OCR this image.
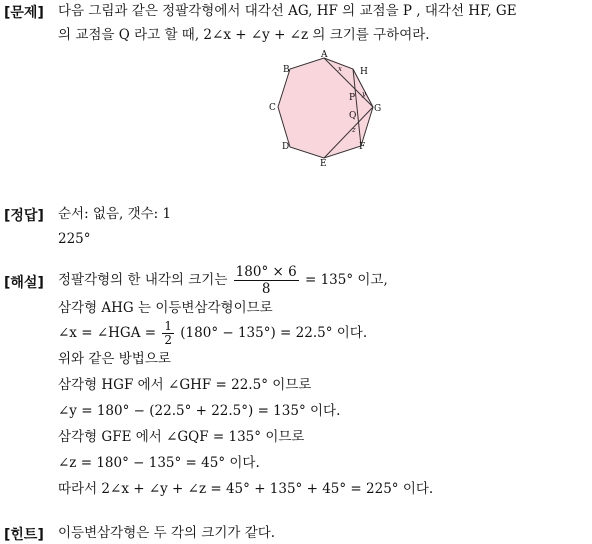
[문제] 다음 그림과 같은 정팔각형에서 대각선 AG, HF 의 교점을 P , 대각선 HF, GE
의 교점을 Q 라고 할 때, 2∠x + ∠y + ∠z 의 크기를 구하여라.
A
B
C
D
E
F
G
H
P
Q
x
y
z
[정답] 순서: 없음, 갯수: 1
225°
[해설] 정팔각형의 한 내각의 크기는 $\frac{180^\circ \times 6}{8} = 135^\circ$ 이고,
삼각형 AHG 는 이등변삼각형이므로
∠x = ∠HGA = $\frac{1}{2} (180^\circ - 135^\circ) = 22.5^\circ$ 이다.
위와 같은 방법으로
삼각형 HGF 에서 ∠GHF = 22.5° 이므로
∠y = 180° − (22.5° + 22.5°) = 135° 이다.
삼각형 GFE 에서 ∠GQF = 135° 이므로
∠z = 180° − 135° = 45° 이다.
따라서 2∠x + ∠y + ∠z = 45° + 135° + 45° = 225° 이다.
[힌트] 이등변삼각형은 두 각의 크기가 같다.
